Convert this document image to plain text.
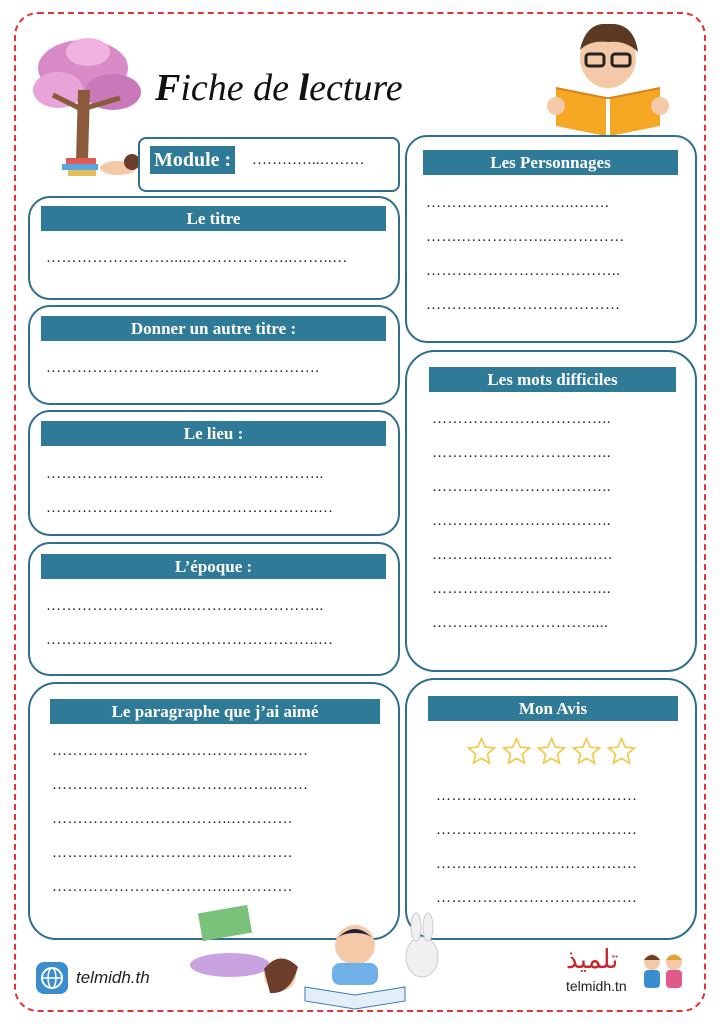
Fiche de lecture
Module : …………..………
Le titre
…………………….....………………..……..…
Donner un autre titre :
…………………….....…………………….
Le lieu :
…………………….....……………………..
……………………………………………..…
L’époque :
…………………….....……………………..
……………………………………………..…
Le paragraphe que j’ai aimé
……………………………………..……
……………………………………..……
……………………………..…………
……………………………..…………
……………………………..…………
Les Personnages
………………………..…….
…….……………..……………
………………………………..
…………..……………………
Les mots difficiles
……………………………..
……………………………..
……………………………..
……………………………..
………..…………….…..….
……………………………..
………………………….....
Mon Avis
…………………………………
…………………………………
…………………………………
…………………………………
telmidh.th
تلميذ
telmidh.tn
